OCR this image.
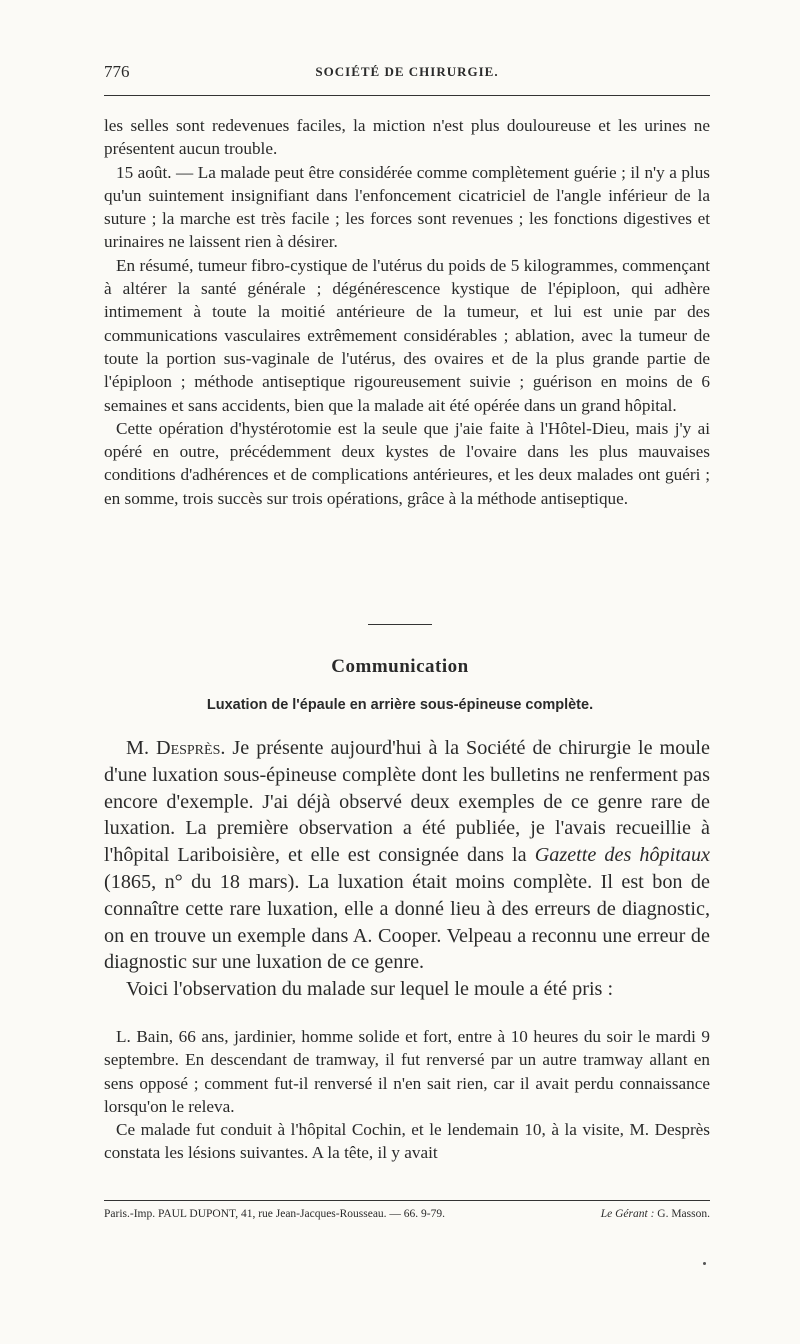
776	SOCIÉTÉ DE CHIRURGIE.

les selles sont redevenues faciles, la miction n'est plus douloureuse et les urines ne présentent aucun trouble.

15 août. — La malade peut être considérée comme complètement guérie ; il n'y a plus qu'un suintement insignifiant dans l'enfoncement cicatriciel de l'angle inférieur de la suture ; la marche est très facile ; les forces sont revenues ; les fonctions digestives et urinaires ne laissent rien à désirer.

En résumé, tumeur fibro-cystique de l'utérus du poids de 5 kilogrammes, commençant à altérer la santé générale ; dégénérescence kystique de l'épiploon, qui adhère intimement à toute la moitié antérieure de la tumeur, et lui est unie par des communications vasculaires extrêmement considérables ; ablation, avec la tumeur de toute la portion sus-vaginale de l'utérus, des ovaires et de la plus grande partie de l'épiploon ; méthode antiseptique rigoureusement suivie ; guérison en moins de 6 semaines et sans accidents, bien que la malade ait été opérée dans un grand hôpital.

Cette opération d'hystérotomie est la seule que j'aie faite à l'Hôtel-Dieu, mais j'y ai opéré en outre, précédemment deux kystes de l'ovaire dans les plus mauvaises conditions d'adhérences et de complications antérieures, et les deux malades ont guéri ; en somme, trois succès sur trois opérations, grâce à la méthode antiseptique.

Communication
Luxation de l'épaule en arrière sous-épineuse complète.

M. Desprès. Je présente aujourd'hui à la Société de chirurgie le moule d'une luxation sous-épineuse complète dont les bulletins ne renferment pas encore d'exemple. J'ai déjà observé deux exemples de ce genre rare de luxation. La première observation a été publiée, je l'avais recueillie à l'hôpital Lariboisière, et elle est consignée dans la Gazette des hôpitaux (1865, n° du 18 mars). La luxation était moins complète. Il est bon de connaître cette rare luxation, elle a donné lieu à des erreurs de diagnostic, on en trouve un exemple dans A. Cooper. Velpeau a reconnu une erreur de diagnostic sur une luxation de ce genre.

Voici l'observation du malade sur lequel le moule a été pris :

L. Bain, 66 ans, jardinier, homme solide et fort, entre à 10 heures du soir le mardi 9 septembre. En descendant de tramway, il fut renversé par un autre tramway allant en sens opposé ; comment fut-il renversé il n'en sait rien, car il avait perdu connaissance lorsqu'on le releva.

Ce malade fut conduit à l'hôpital Cochin, et le lendemain 10, à la visite, M. Desprès constata les lésions suivantes. A la tête, il y avait

Paris.-Imp. PAUL DUPONT, 41, rue Jean-Jacques-Rousseau. — 66. 9-79.	Le Gérant : G. Masson.
